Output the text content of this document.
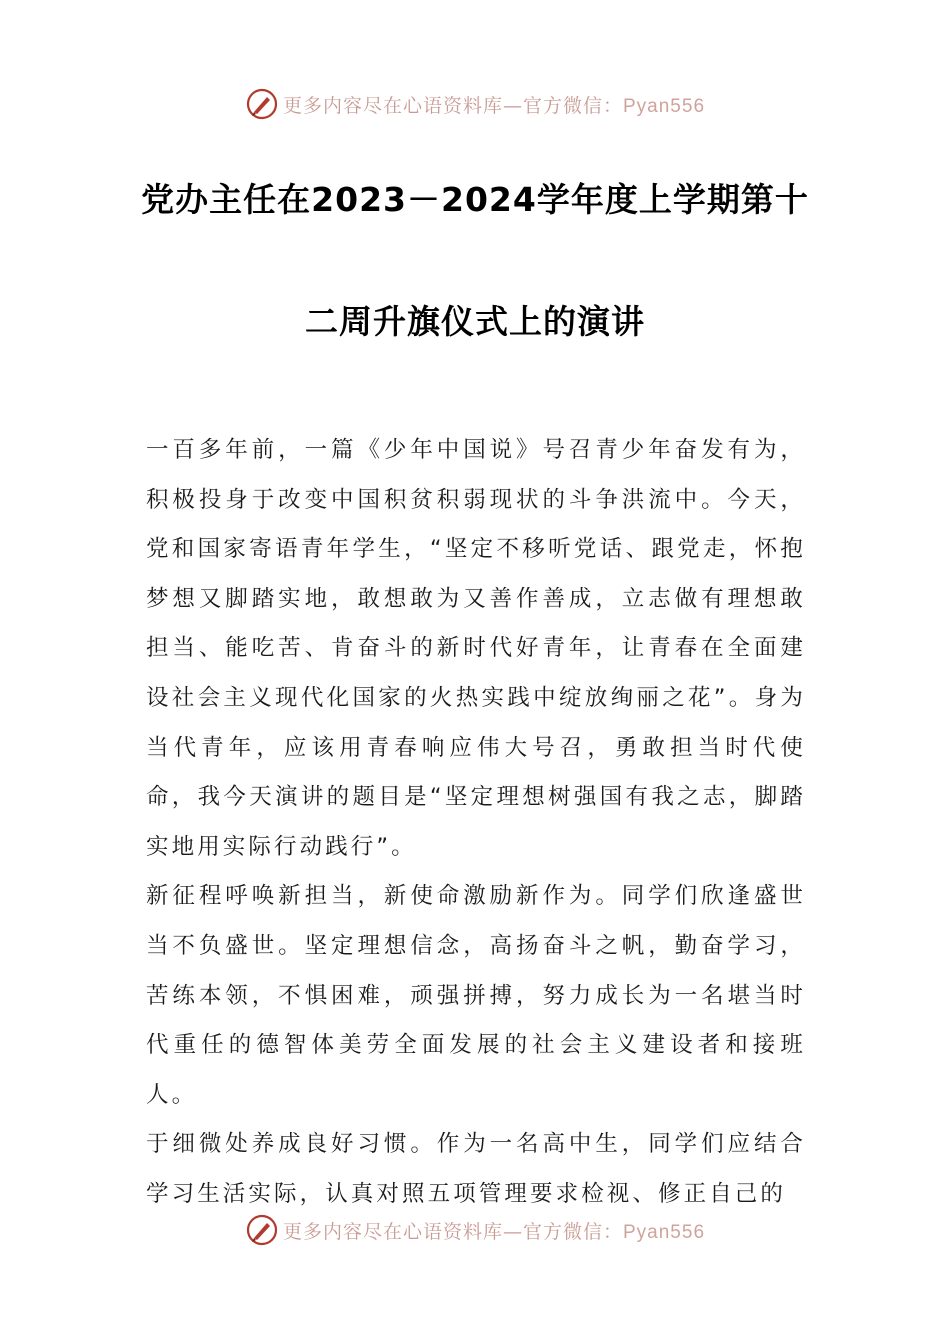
更多内容尽在心语资料库—官方微信：Pyan556
党办主任在2023－2024学年度上学期第十
二周升旗仪式上的演讲

一百多年前，一篇《少年中国说》号召青少年奋发有为，积极投身于改变中国积贫积弱现状的斗争洪流中。今天，党和国家寄语青年学生，“坚定不移听党话、跟党走，怀抱梦想又脚踏实地，敢想敢为又善作善成，立志做有理想敢担当、能吃苦、肯奋斗的新时代好青年，让青春在全面建设社会主义现代化国家的火热实践中绽放绚丽之花”。身为当代青年，应该用青春响应伟大号召，勇敢担当时代使命，我今天演讲的题目是“坚定理想树强国有我之志，脚踏实地用实际行动践行”。

新征程呼唤新担当，新使命激励新作为。同学们欣逢盛世当不负盛世。坚定理想信念，高扬奋斗之帆，勤奋学习，苦练本领，不惧困难，顽强拼搏，努力成长为一名堪当时代重任的德智体美劳全面发展的社会主义建设者和接班人。

于细微处养成良好习惯。作为一名高中生，同学们应结合学习生活实际，认真对照五项管理要求检视、修正自己的

更多内容尽在心语资料库—官方微信：Pyan556
